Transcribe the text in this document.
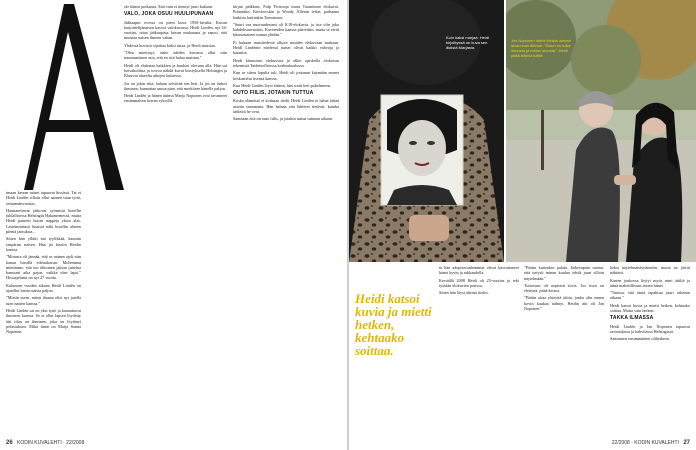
imaan kerran naiset tapaavat hississä. Tai ei Heidi Lindén silloin ollut nainen vaan tyttö, seitsemänvuotias.

Haastateltavat jatkovat syömistä hotellin juhlallisessa Helsingin Hakaniemessä, mutta Heidi painetti hissin nappeja yksin alas. Lasteiminässä hissistä näki hotellin alueen pieniä jaotuksia...

Sitten hän yllätti mä tyylikkää, kauniin ympärim naisen. Hän jäi hissiin Heidin kanssa.

"Minusta oli jännää, että se nainen ajeli niin kauan hissillä edestakaisin. Molemmat mietimme, että tuo ulkoinen jaksaa juttelua kanssani aika pajon, vaikka olen lapsi." Hissiajelusta on nyt 27 vuotta.

Kuluneen vuoden aikana Heidi Lindén on ajatellut hissin naista paljon.

"Mietin usein, miten ihanaa olisi nyt jutella tuon naisen kanssa."

Heidi Lindén sai on yksi tyttö ja kannattavat ihmisten kanssa. Se ei ollut lapsen löydetty äiti tilan on ihminen, joka on löytänyt pelastuksen. Mikä tämä on Marja Sanna Noponen.

ole hänen poikansa. Sitä vain ei tiennyt juuri kukaan.

VALO, JOKA OSUU HUULIPUNAAN

Jääkaapin ovessa on pieni kuva 1950-luvulta. Kuvan harjoittelijanaisen kasvot valokuvassa. Heidi Lindén, nyt 34-vuotias, ottaa jääkaapista kuvan mukaansa ja sanoo, että muistaa naisen ilmeen vahan.

Yhdessä kuvissa sijaittaa kaksi asiaa, ja Heidi muistaa.

"Olen miettinyt, onko näiden kuvassa ollut niin traumaattinen asia, että en sitä halua muistaa."

Heidi oli ehdottaa kaikkien ja kuulusi olevaan alla. Hän sai hoivakodista ja toivoa nähdä kuvat hissiyksellä Helsingin ja Kluuvin alueelta aikojen kuluessa.

Jos on jokin riita, haluan selvittää sen heti. Ja jos on tärkeä ihminen, kannattaa sanoa pian, että merkitsee hänelle paljon.

Heidi Lindén ja hänen äitinsä Marja Noponen ovat tavanneet ensimmäisen kerran syksyllä.

kirjan palkkasi, Pulp Fictionja muut Tarantinon elokuvat. Polanskin, Kieslowskin ja Woody Allenin leffat, parhaana kaikista kuitenkin Terminator.

"Suuri osa nuoruudestani oli K18-elokuvia, ja itse olin joka kahdeksanvuotias. Kavereiden kanssa piirrettiin, mutta se eivät kiinnostaneet minua yhtään."

Ei kukaan muistiedesiä olkoot muiden elokuvaan mukaan. Heidi Lindénin mielessä naiset olivat kaikki vahvoja ja kauniita.

Heidi kiinnostui elokuvista ja alkoi opiskella elokuvan tekemistä Taideteollisessa korkeakoulussa.

Kun se sitten lopulta tuli, Heidi oli joutunut käymään monet keskustelut itsensä kanssa.

Kun Heidi Lindén löysi äitinsä, hän soitti heti puhelimeen.

OUTO FIILIS, JOTAKIN TUTTUA

Koska elämästä ei koskaan tiedä, Heidi Lindén ei halua jättää asioita sanomatta. Hän haluaa että läheiset tietävät, kuinka tärkeitä he ovat.

Sanotaan että on outo fiilis, ja jotakin tuttua samaan aikaan.

26 KODIN KUVALEHTI · 22/2008
Kuin kaksi marjaa. Heidi kirjoittyssä on kuva sen äidistä Marjasta.
Jos Noponen tahtoi Heidin olevan aivan kuin äitinsä: "Sinun on tulee minusta ja minun sinusta", Heidi pitää äitinsä kättä.
Heidi katsoi kuvia ja mietti hetken, kehtaako soittaa.

tä hän adoptiovanhemmat olivat kasvattaneet hänet hyvin ja rakkaudella.

Keväällä 2008 Heidi oli 25-vuotias ja teki työtään elokuvien parissa.

Sitten hän löysi äitinsä tiedot.

"Päätin kuitenkin palata. Jäikeenpäin tuntua, että tietysti minun kuuluu tehdä juuri silloin näytelmään."

Tuttavuus oli nopeasti tiivis. Jos itseä on elettynä, pitää kertoa.

"Päätin ottaa yhteyttä äitiin, jonka olin ennen kovin kaukaa nähnyt. Heidin äiti oli Jan Noponen."

keksi näytelmänäyttämöön, mutta ne jäivät nähtävä.

Karten joukossa löytyi myös nimi äitiltä ja tämä mahdollisuus tavata hänet.

"Tuntuu, että tämä tapahtuu juuri oikeaan aikaan."

Heidi katsoi kuvia ja mietti hetken, kehtaako soittaa. Mutta vain hetken.

TAKKA ILMASSA

Heidi Lindén ja Jan Noponen tapaavat ravintolassa ja kahvilassa Helsingissä.

Sattumien ensimmäinen olihetkeen.

22/2008 · KODIN KUVALEHTI 27
